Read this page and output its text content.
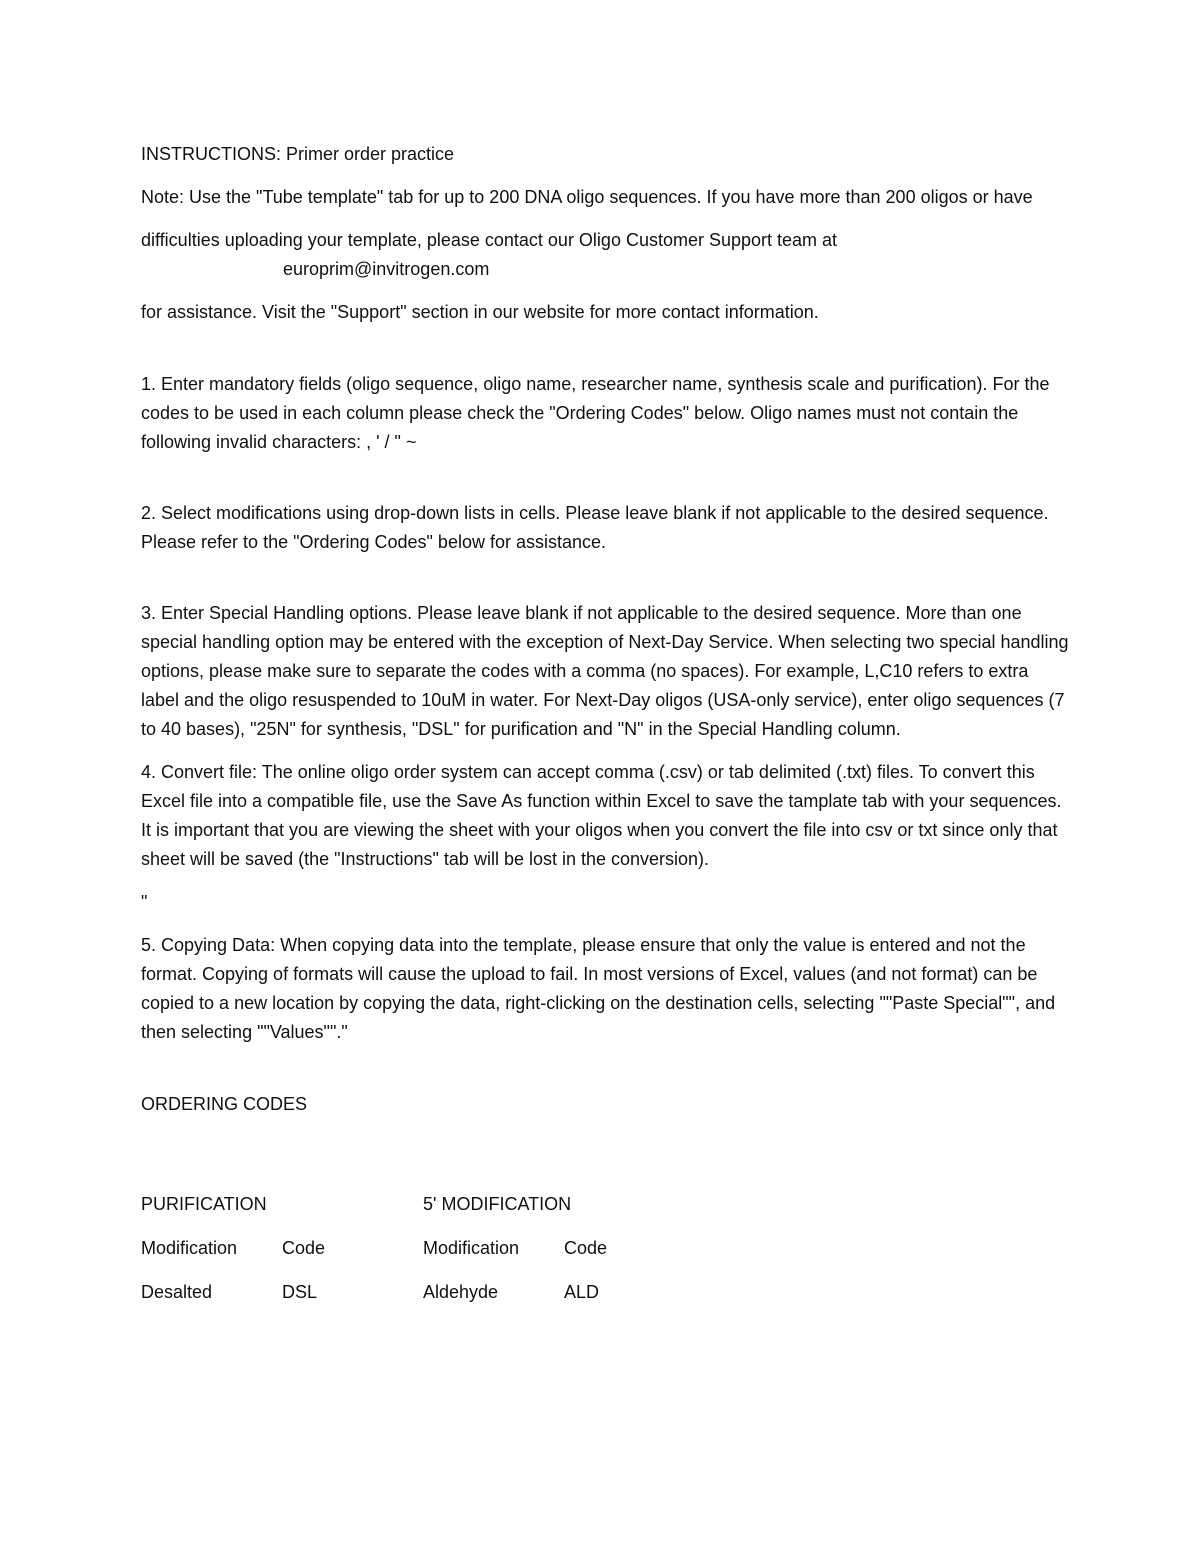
INSTRUCTIONS: Primer order practice

Note: Use the "Tube template" tab for up to 200 DNA oligo sequences. If you have more than 200 oligos or have

difficulties uploading your template, please contact our Oligo Customer Support team at

europrim@invitrogen.com

for assistance. Visit the "Support" section in our website for more contact information.

1. Enter mandatory fields (oligo sequence, oligo name, researcher name, synthesis scale and purification). For the codes to be used in each column please check the "Ordering Codes" below. Oligo names must not contain the following invalid characters: , ' / " ~

2. Select modifications using drop-down lists in cells. Please leave blank if not applicable to the desired sequence. Please refer to the "Ordering Codes" below for assistance.

3. Enter Special Handling options. Please leave blank if not applicable to the desired sequence. More than one special handling option may be entered with the exception of Next-Day Service. When selecting two special handling options, please make sure to separate the codes with a comma (no spaces). For example, L,C10 refers to extra label and the oligo resuspended to 10uM in water. For Next-Day oligos (USA-only service), enter oligo sequences (7 to 40 bases), "25N" for synthesis, "DSL" for purification and "N" in the Special Handling column.

4. Convert file: The online oligo order system can accept comma (.csv) or tab delimited (.txt) files. To convert this Excel file into a compatible file, use the Save As function within Excel to save the tamplate tab with your sequences. It is important that you are viewing the sheet with your oligos when you convert the file into csv or txt since only that sheet will be saved (the "Instructions" tab will be lost in the conversion).

"

5. Copying Data: When copying data into the template, please ensure that only the value is entered and not the format. Copying of formats will cause the upload to fail. In most versions of Excel, values (and not format) can be copied to a new location by copying the data, right-clicking on the destination cells, selecting ""Paste Special"", and then selecting ""Values""."

ORDERING CODES

PURIFICATION	5' MODIFICATION
Modification Code	Modification Code
Desalted	DSL	Aldehyde	ALD
